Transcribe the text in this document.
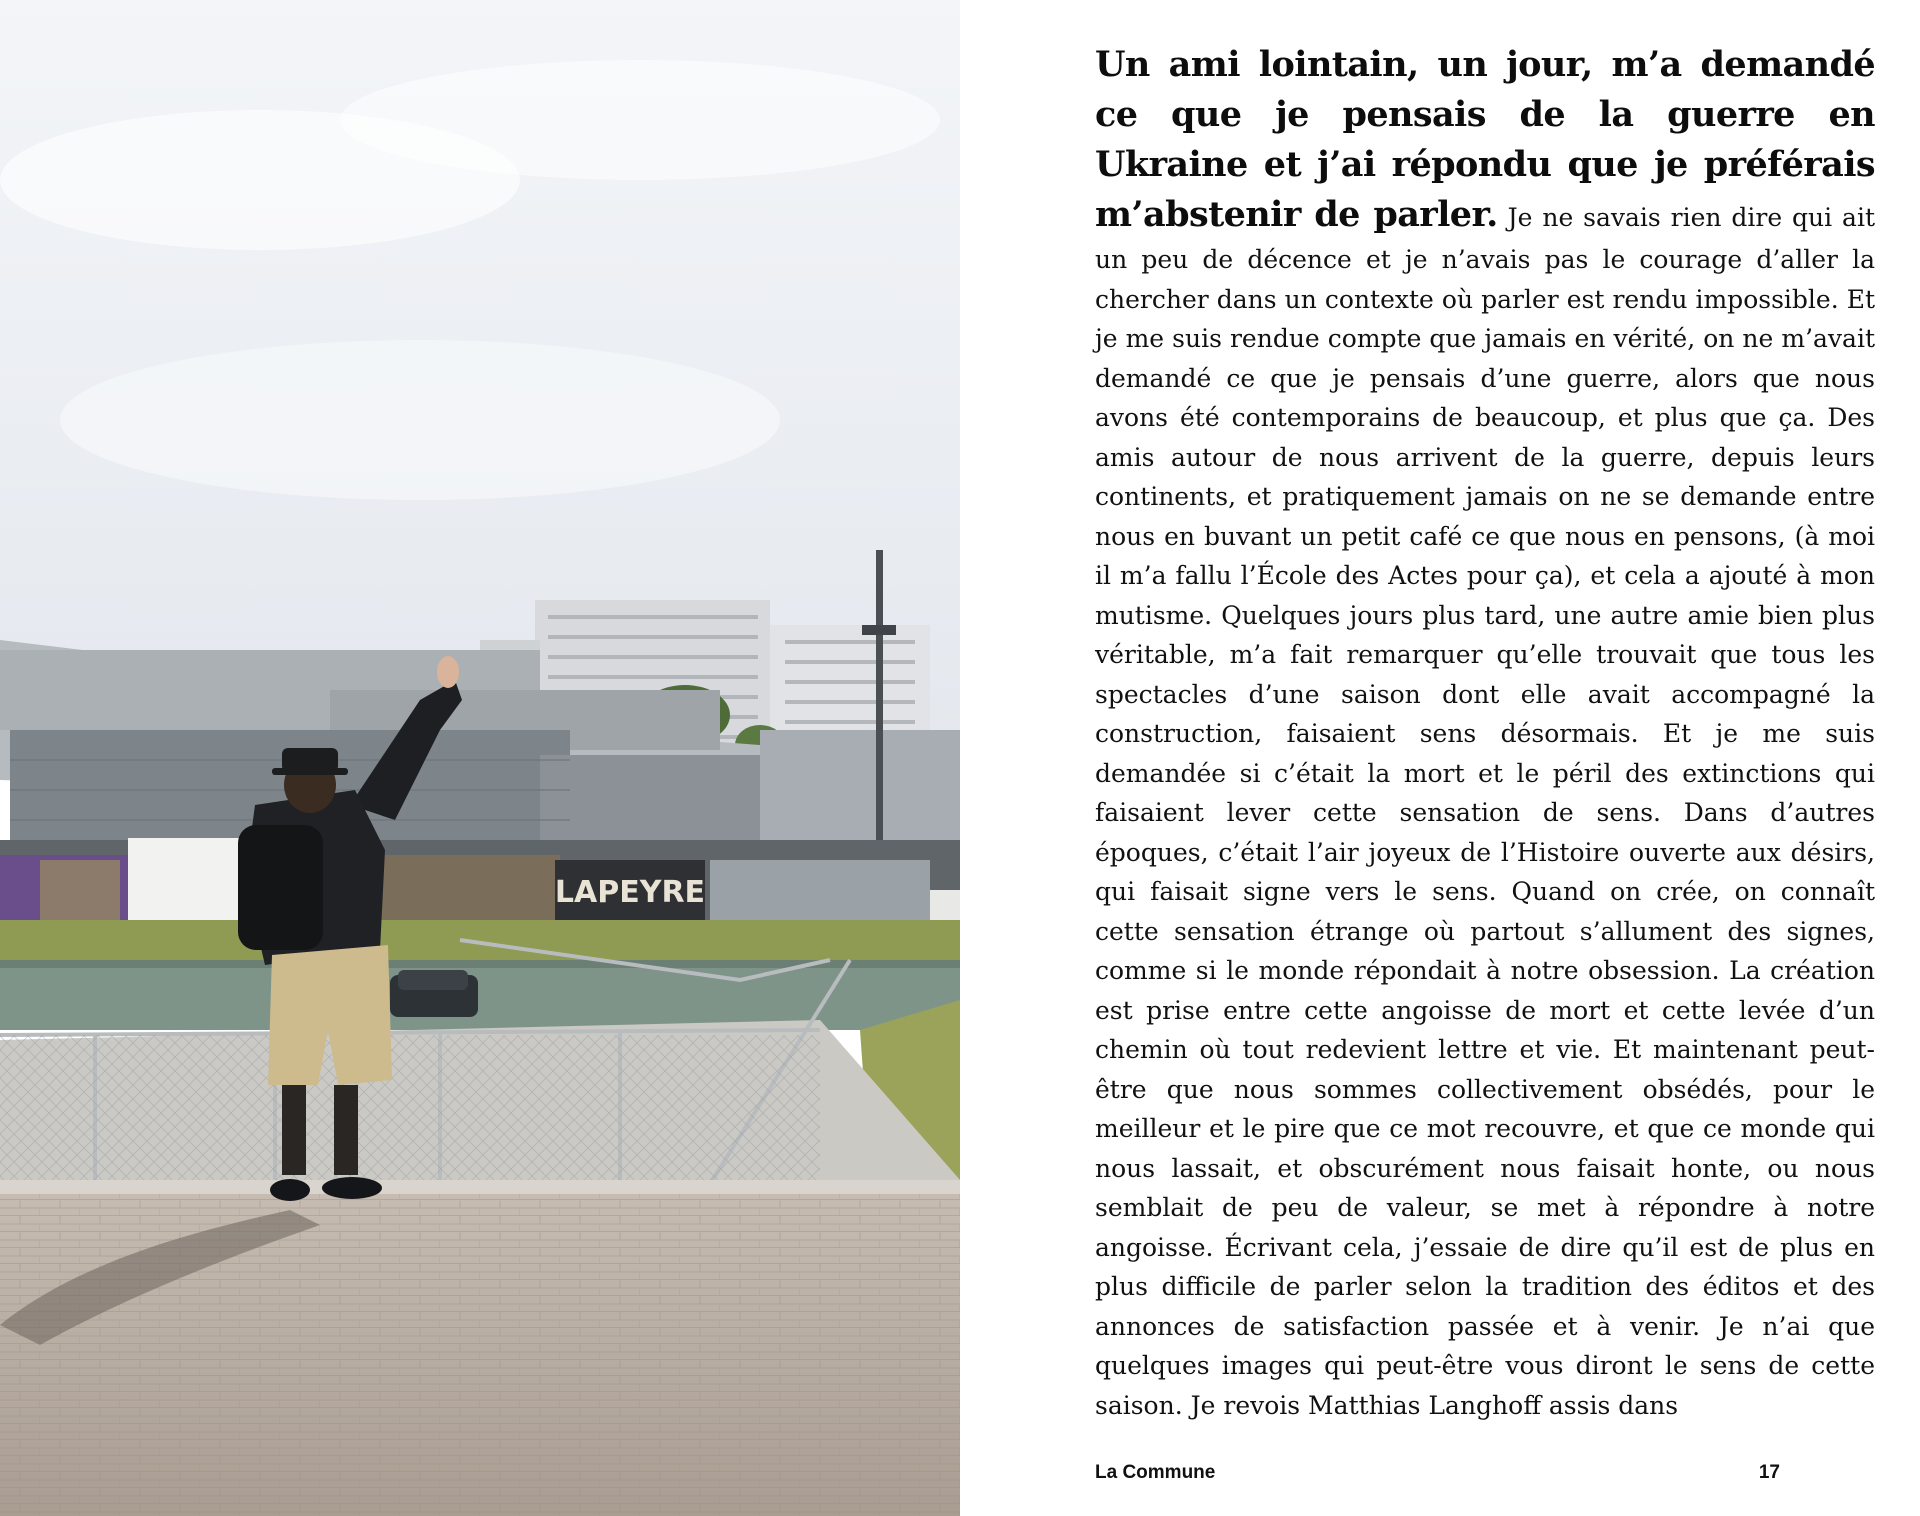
LAPEYRE

Un ami lointain, un jour, m’a demandé ce que je pensais de la guerre en Ukraine et j’ai répondu que je préférais m’abstenir de parler. Je ne savais rien dire qui ait un peu de décence et je n’avais pas le courage d’aller la chercher dans un contexte où parler est rendu impossible. Et je me suis rendue compte que jamais en vérité, on ne m’avait demandé ce que je pensais d’une guerre, alors que nous avons été contemporains de beaucoup, et plus que ça. Des amis autour de nous arrivent de la guerre, depuis leurs continents, et pratiquement jamais on ne se demande entre nous en buvant un petit café ce que nous en pensons, (à moi il m’a fallu l’École des Actes pour ça), et cela a ajouté à mon mutisme. Quelques jours plus tard, une autre amie bien plus véritable, m’a fait remarquer qu’elle trouvait que tous les spectacles d’une saison dont elle avait accompagné la construction, faisaient sens désormais. Et je me suis demandée si c’était la mort et le péril des extinctions qui faisaient lever cette sensation de sens. Dans d’autres époques, c’était l’air joyeux de l’Histoire ouverte aux désirs, qui faisait signe vers le sens. Quand on crée, on connaît cette sensation étrange où partout s’allument des signes, comme si le monde répondait à notre obsession. La création est prise entre cette angoisse de mort et cette levée d’un chemin où tout redevient lettre et vie. Et maintenant peut-être que nous sommes collectivement obsédés, pour le meilleur et le pire que ce mot recouvre, et que ce monde qui nous lassait, et obscurément nous faisait honte, ou nous semblait de peu de valeur, se met à répondre à notre angoisse. Écrivant cela, j’essaie de dire qu’il est de plus en plus difficile de parler selon la tradition des éditos et des annonces de satisfaction passée et à venir. Je n’ai que quelques images qui peut-être vous diront le sens de cette saison. Je revois Matthias Langhoff assis dans

La Commune	17
